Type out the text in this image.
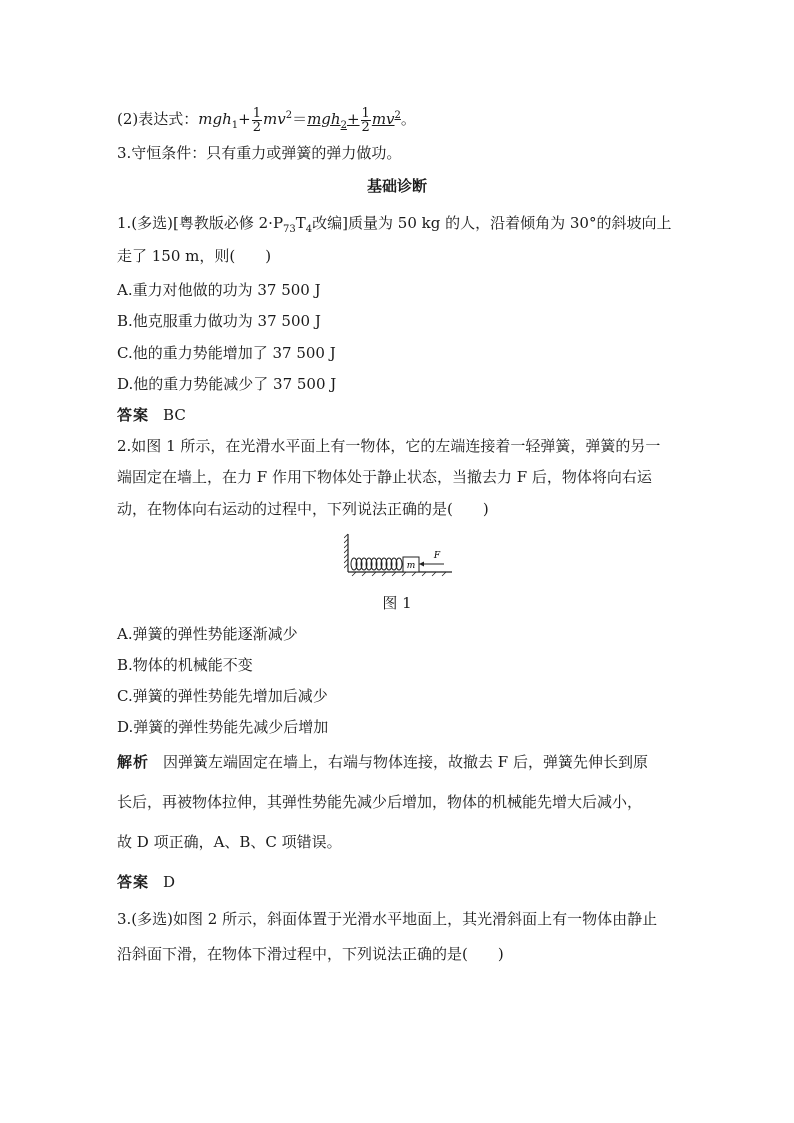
(2)表达式：$mgh_1+ \frac{1}{2} mv^2=mgh_2+ \frac{1}{2} mv^2$。
3.守恒条件：只有重力或弹簧的弹力做功。
基础诊断
1.(多选)[粤教版必修 $2\cdot P_{73}T_4$改编]质量为 50 kg 的人，沿着倾角为 30°的斜坡向上
走了 150 m，则(　　)
A.重力对他做的功为 37 500 J
B.他克服重力做功为 37 500 J
C.他的重力势能增加了 37 500 J
D.他的重力势能减少了 37 500 J
答案 BC
2.如图 1 所示，在光滑水平面上有一物体，它的左端连接着一轻弹簧，弹簧的另一
端固定在墙上，在力 F 作用下物体处于静止状态，当撤去力 F 后，物体将向右运
动，在物体向右运动的过程中，下列说法正确的是(　　)
m
F
图 1
A.弹簧的弹性势能逐渐减少
B.物体的机械能不变
C.弹簧的弹性势能先增加后减少
D.弹簧的弹性势能先减少后增加
解析 因弹簧左端固定在墙上，右端与物体连接，故撤去 F 后，弹簧先伸长到原
长后，再被物体拉伸，其弹性势能先减少后增加，物体的机械能先增大后减小，
故 D 项正确，A、B、C 项错误。
答案 D
3.(多选)如图 2 所示，斜面体置于光滑水平地面上，其光滑斜面上有一物体由静止
沿斜面下滑，在物体下滑过程中，下列说法正确的是(　　)
